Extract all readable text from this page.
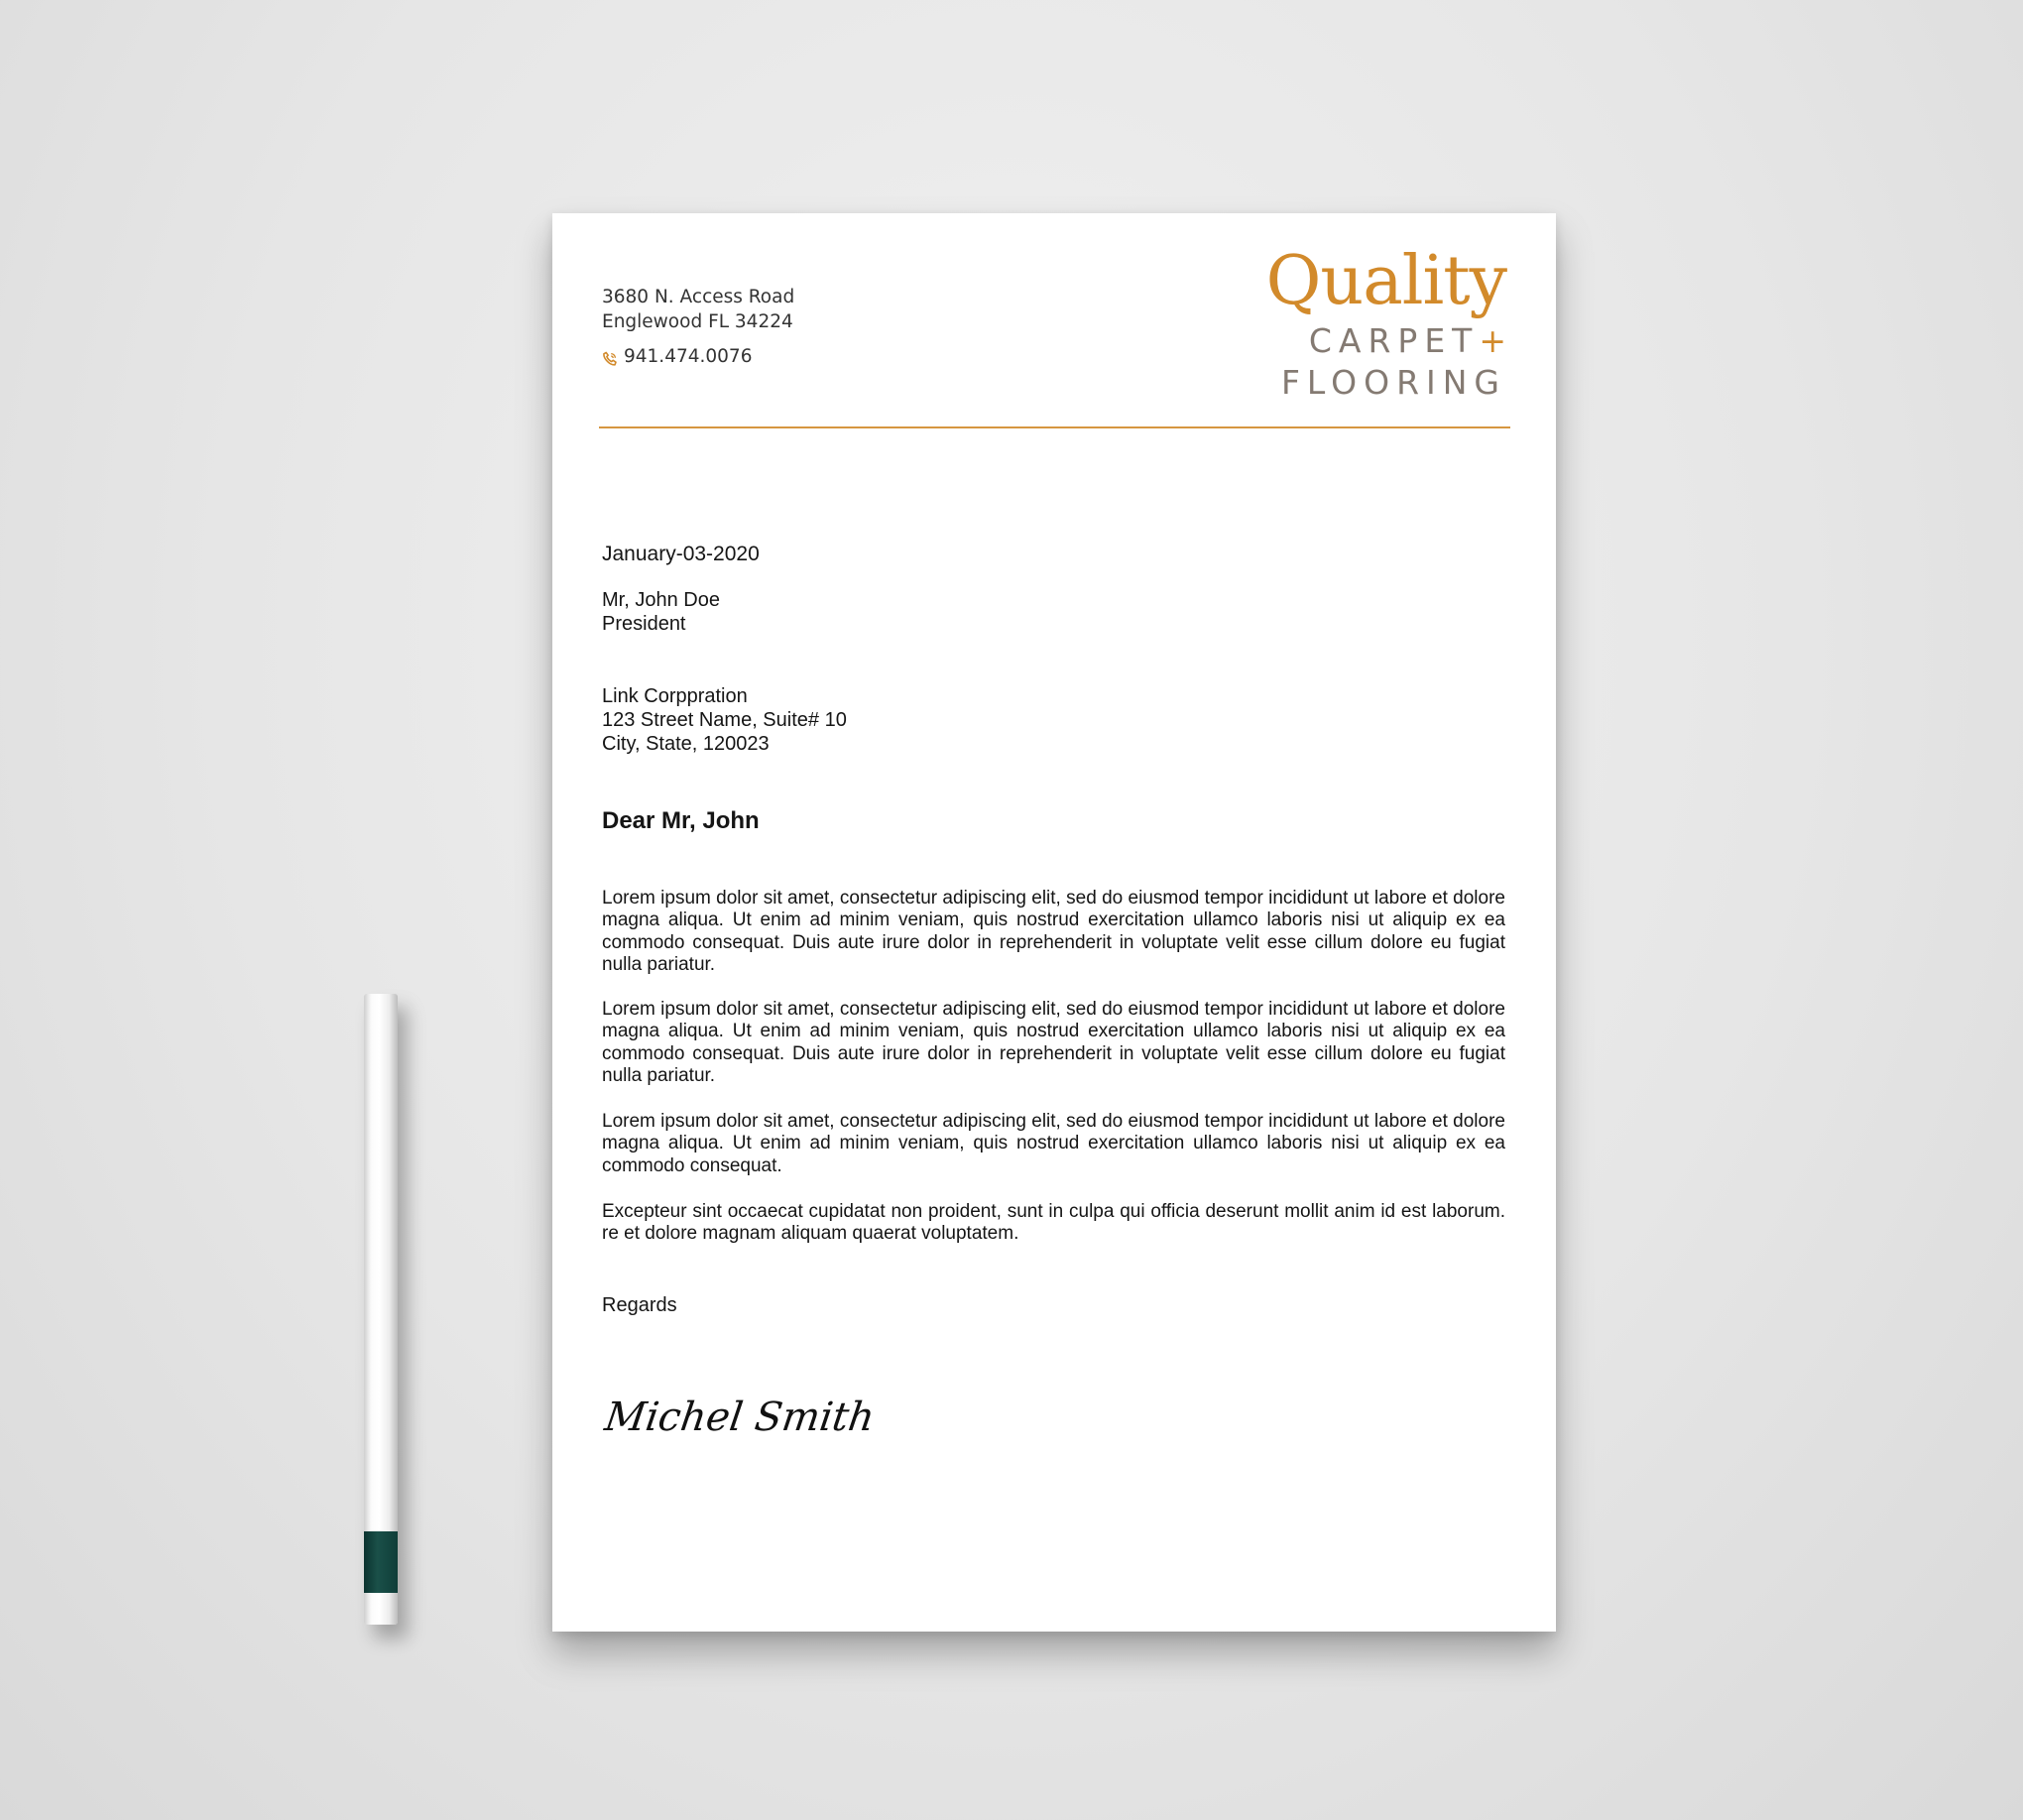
3680 N. Access Road
Englewood FL 34224
941.474.0076
Quality
CARPET+
FLOORING
January-03-2020
Mr, John Doe
President
Link Corppration
123 Street Name, Suite# 10
City, State, 120023
Dear Mr, John
Lorem ipsum dolor sit amet, consectetur adipiscing elit, sed do eiusmod tempor incididunt ut labore et dolore magna aliqua. Ut enim ad minim veniam, quis nostrud exercitation ullamco laboris nisi ut aliquip ex ea commodo consequat. Duis aute irure dolor in reprehenderit in voluptate velit esse cillum dolore eu fugiat nulla pariatur.
Lorem ipsum dolor sit amet, consectetur adipiscing elit, sed do eiusmod tempor incididunt ut labore et dolore magna aliqua. Ut enim ad minim veniam, quis nostrud exercitation ullamco laboris nisi ut aliquip ex ea commodo consequat. Duis aute irure dolor in reprehenderit in voluptate velit esse cillum dolore eu fugiat nulla pariatur.
Lorem ipsum dolor sit amet, consectetur adipiscing elit, sed do eiusmod tempor incididunt ut labore et dolore magna aliqua. Ut enim ad minim veniam, quis nostrud exercitation ullamco laboris nisi ut aliquip ex ea commodo consequat.
Excepteur sint occaecat cupidatat non proident, sunt in culpa qui officia deserunt mollit anim id est laborum. re et dolore magnam aliquam quaerat voluptatem.
Regards
Michel Smith
